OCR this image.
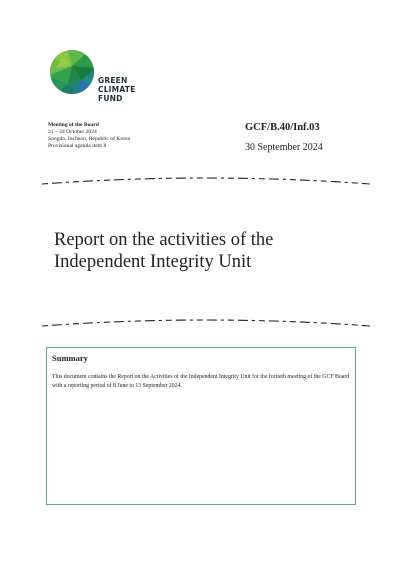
GREEN
CLIMATE
FUND
Meeting of the Board
21 – 24 October 2024
Songdo, Incheon, Republic of Korea
Provisional agenda item 8
GCF/B.40/Inf.03
30 September 2024
Report on the activities of the
Independent Integrity Unit
Summary
This document contains the Report on the Activities of the Independent Integrity Unit for the fortieth meeting of the GCF Board with a reporting period of 8 June to 13 September 2024.
